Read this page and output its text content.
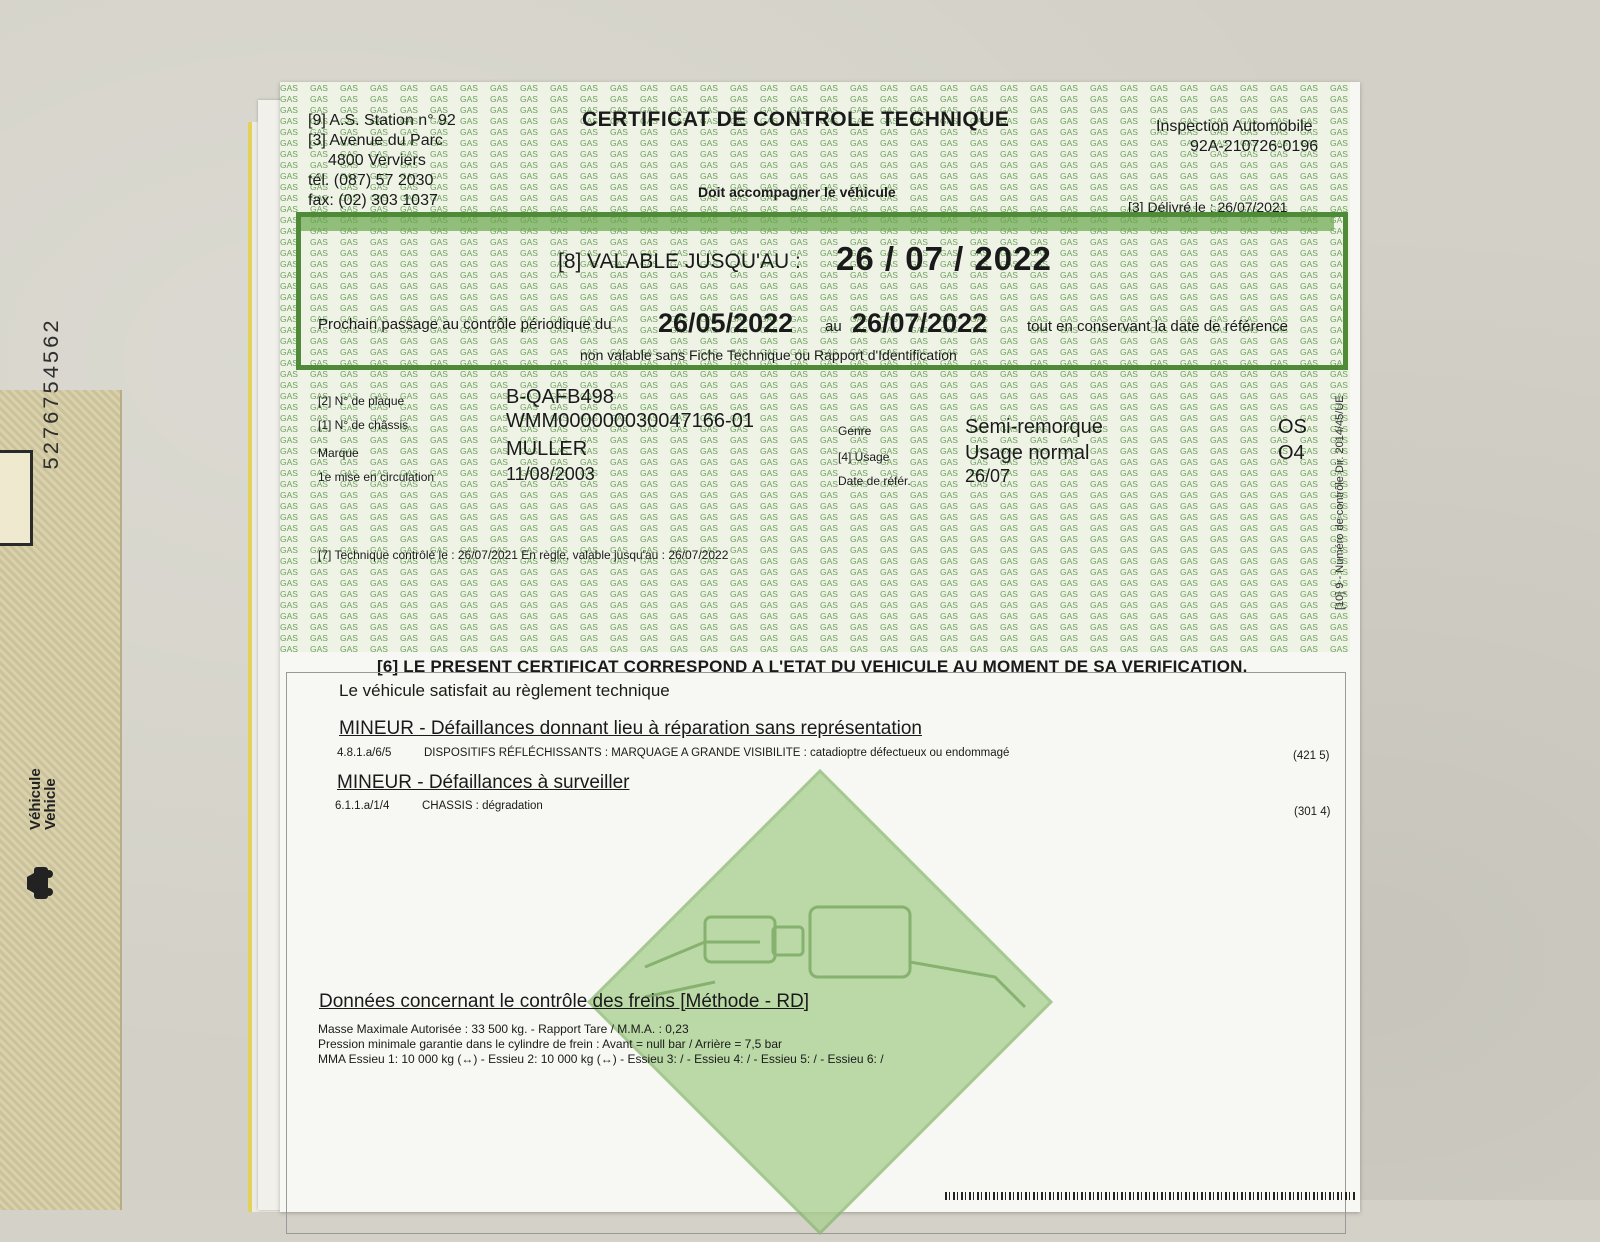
5276754562
Véhicule
Vehicle
[9] A.S. Station n° 92
[3] Avenue du Parc
4800 Verviers
tél. (087) 57 2030
fax: (02) 303 1037
CERTIFICAT DE CONTROLE TECHNIQUE	Inspection Automobile
92A-210726-0196
Doit accompagner le véhicule
[3] Délivré le : 26/07/2021
[8] VALABLE JUSQU'AU : 26 / 07 / 2022
Prochain passage au contrôle périodique du 26/05/2022 au 26/07/2022	tout en conservant la date de référence
non valable sans Fiche Technique ou Rapport d'Identification
[2] N° de plaque	B-QAFB498
[1] N° de châssis	WMM000000030047166-01
Marque	MULLER
1e mise en circulation	11/08/2003
Genre	Semi-remorque	OS
[4] Usage	Usage normal	O4
Date de référ.	26/07
[7] Technique contrôlé le : 26/07/2021 En règle, valable jusqu'au : 26/07/2022	[10] 9 - Numéro de contrôle Dir. 2014/45/UE
[6] LE PRESENT CERTIFICAT CORRESPOND A L'ETAT DU VEHICULE AU MOMENT DE SA VERIFICATION.
Le véhicule satisfait au règlement technique
MINEUR - Défaillances donnant lieu à réparation sans représentation
4.8.1.a/6/5	DISPOSITIFS RÉFLÉCHISSANTS : MARQUAGE A GRANDE VISIBILITE : catadioptre défectueux ou endommagé	(421 5)
MINEUR - Défaillances à surveiller
6.1.1.a/1/4	CHASSIS : dégradation	(301 4)
Données concernant le contrôle des freins [Méthode - RD]
Masse Maximale Autorisée : 33 500 kg. - Rapport Tare / M.M.A. : 0,23
Pression minimale garantie dans le cylindre de frein : Avant = null bar / Arrière = 7,5 bar
MMA Essieu 1: 10 000 kg (↔) - Essieu 2: 10 000 kg (↔) - Essieu 3: / - Essieu 4: / - Essieu 5: / - Essieu 6: /
